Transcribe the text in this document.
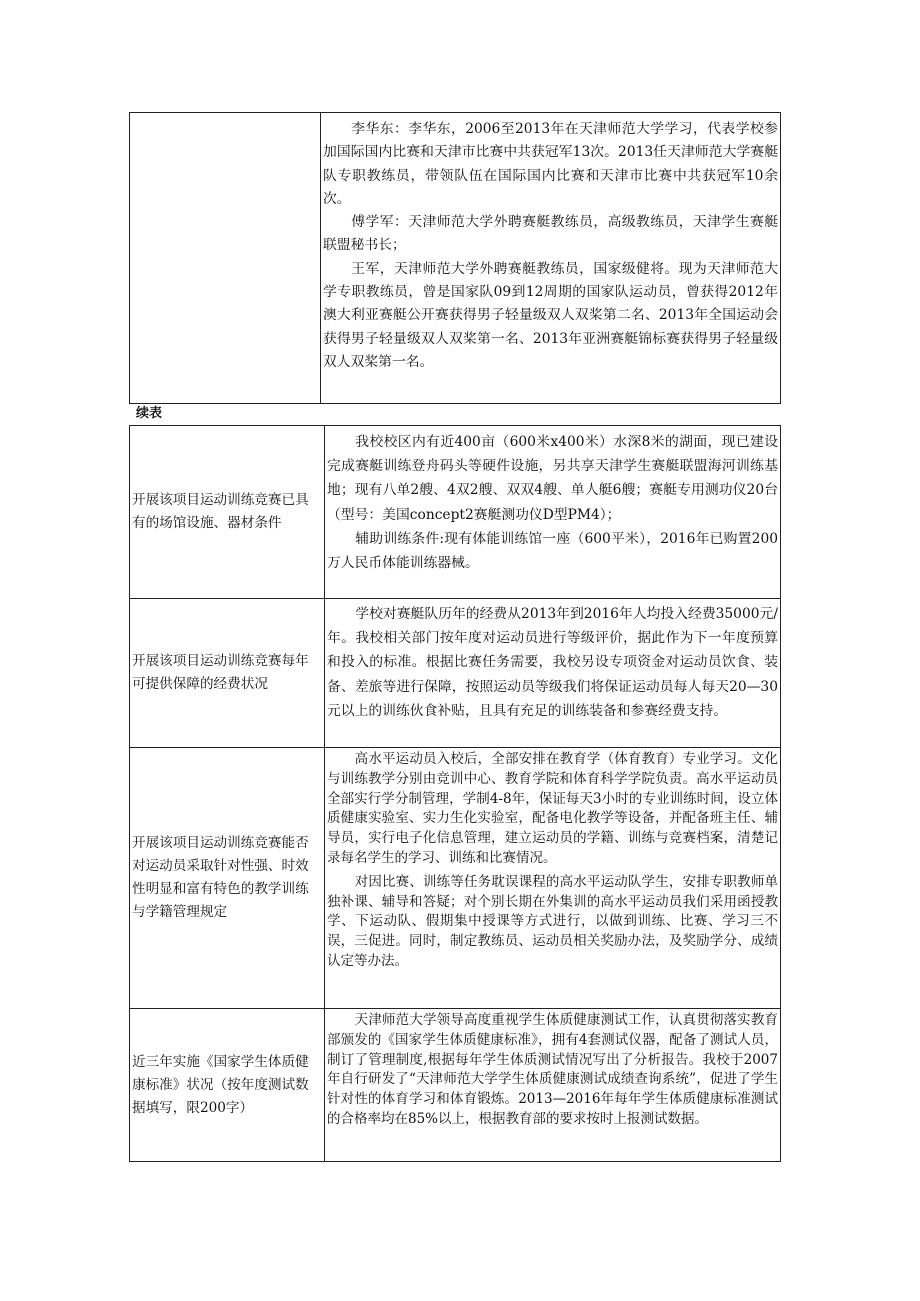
李华东：李华东，2006至2013年在天津师范大学学习，代表学校参加国际国内比赛和天津市比赛中共获冠军13次。2013任天津师范大学赛艇队专职教练员，带领队伍在国际国内比赛和天津市比赛中共获冠军10余次。

傅学军：天津师范大学外聘赛艇教练员，高级教练员，天津学生赛艇联盟秘书长；

王军，天津师范大学外聘赛艇教练员，国家级健将。现为天津师范大学专职教练员，曾是国家队09到12周期的国家队运动员，曾获得2012年澳大利亚赛艇公开赛获得男子轻量级双人双桨第二名、2013年全国运动会获得男子轻量级双人双桨第一名、2013年亚洲赛艇锦标赛获得男子轻量级双人双桨第一名。

续表
开展该项目运动训练竞赛已具有的场馆设施、器材条件	我校校区内有近400亩（600米x400米）水深8米的湖面，现已建设完成赛艇训练登舟码头等硬件设施，另共享天津学生赛艇联盟海河训练基地；现有八单2艘、4双2艘、双双4艘、单人艇6艘；赛艇专用测功仪20台（型号：美国concept2赛艇测功仪D型PM4）；

辅助训练条件:现有体能训练馆一座（600平米），2016年已购置200万人民币体能训练器械。

开展该项目运动训练竞赛每年可提供保障的经费状况	学校对赛艇队历年的经费从2013年到2016年人均投入经费35000元/年。我校相关部门按年度对运动员进行等级评价，据此作为下一年度预算和投入的标准。根据比赛任务需要，我校另设专项资金对运动员饮食、装备、差旅等进行保障，按照运动员等级我们将保证运动员每人每天20—30元以上的训练伙食补贴，且具有充足的训练装备和参赛经费支持。

开展该项目运动训练竞赛能否对运动员采取针对性强、时效性明显和富有特色的教学训练与学籍管理规定	高水平运动员入校后，全部安排在教育学（体育教育）专业学习。文化与训练教学分别由竞训中心、教育学院和体育科学学院负责。高水平运动员全部实行学分制管理，学制4-8年，保证每天3小时的专业训练时间，设立体质健康实验室、实力生化实验室，配备电化教学等设备，并配备班主任、辅导员，实行电子化信息管理，建立运动员的学籍、训练与竞赛档案，清楚记录每名学生的学习、训练和比赛情况。

对因比赛、训练等任务耽误课程的高水平运动队学生，安排专职教师单独补课、辅导和答疑；对个别长期在外集训的高水平运动员我们采用函授教学、下运动队、假期集中授课等方式进行，以做到训练、比赛、学习三不误，三促进。同时，制定教练员、运动员相关奖励办法，及奖励学分、成绩认定等办法。

近三年实施《国家学生体质健康标准》状况（按年度测试数据填写，限200字）	天津师范大学领导高度重视学生体质健康测试工作，认真贯彻落实教育部颁发的《国家学生体质健康标准》，拥有4套测试仪器，配备了测试人员，制订了管理制度,根据每年学生体质测试情况写出了分析报告。我校于2007年自行研发了“天津师范大学学生体质健康测试成绩查询系统”，促进了学生针对性的体育学习和体育锻炼。2013—2016年每年学生体质健康标准测试的合格率均在85%以上，根据教育部的要求按时上报测试数据。
